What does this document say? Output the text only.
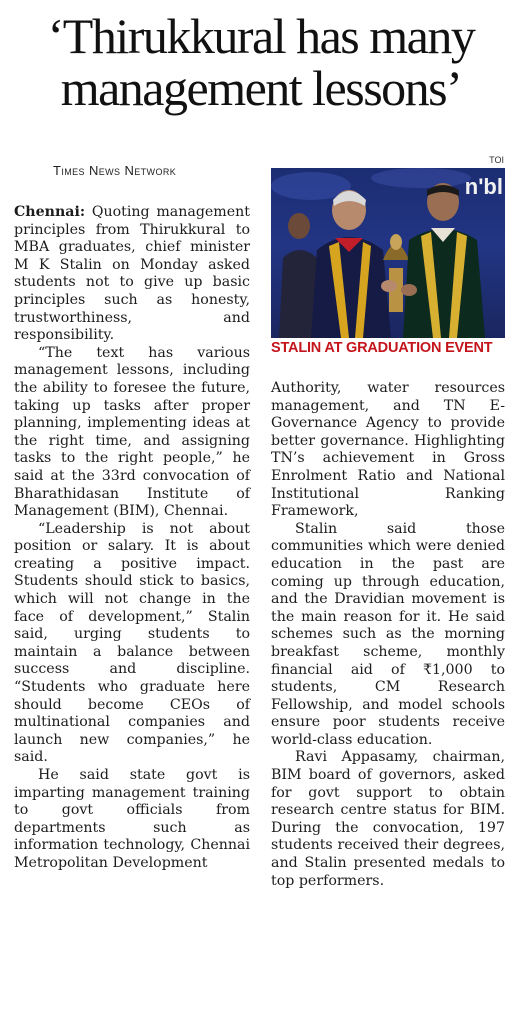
‘Thirukkural has many
management lessons’
Times News Network
TOI
n'bl
STALIN AT GRADUATION EVENT

Chennai: Quoting management principles from Thirukkural to MBA graduates, chief minister M K Stalin on Monday asked students not to give up basic principles such as honesty, trustworthiness, and responsibility.

“The text has various management lessons, including the ability to foresee the future, taking up tasks after proper planning, implementing ideas at the right time, and assigning tasks to the right people,” he said at the 33rd convocation of Bharathidasan Institute of Management (BIM), Chennai.

“Leadership is not about position or salary. It is about creating a positive impact. Students should stick to basics, which will not change in the face of development,” Stalin said, urging students to maintain a balance between success and discipline. “Students who graduate here should become CEOs of multinational companies and launch new companies,” he said.

He said state govt is imparting management training to govt officials from departments such as information technology, Chennai Metropolitan Development

Authority, water resources management, and TN E-Governance Agency to provide better governance. Highlighting TN’s achievement in Gross Enrolment Ratio and National Institutional Ranking Framework,

Stalin said those communities which were denied education in the past are coming up through education, and the Dravidian movement is the main reason for it. He said schemes such as the morning breakfast scheme, monthly financial aid of ₹1,000 to students, CM Research Fellowship, and model schools ensure poor students receive world-class education.

Ravi Appasamy, chairman, BIM board of governors, asked for govt support to obtain research centre status for BIM. During the convocation, 197 students received their degrees, and Stalin presented medals to top performers.
